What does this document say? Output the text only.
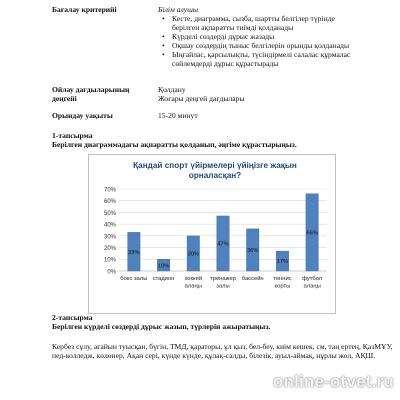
Бағалау критерийі	Білім алушы
• Кесте, диаграмма, сызба, шартты белгілер түрінде
берілген ақпаратты тиімді қолданады
• Күрделі сөздерді дұрыс жазады
• Оқшау сөздердің тыныс белгілерін орынды қолданады
• Ыңғайлас, қарсылықты, түсіндірмелі салалас құрмалас
сөйлемдерді дұрыс құрастырады
Ойлау дағдыларының
деңгейі
Қолдану
Жоғары деңгей дағдылары
Орындау уақыты	15-20 минут
1-тапсырма
Берілген диаграммадағы ақпаратты қолданып, әңгіме құрастырыңыз.
Қандай спорт үйірмелері үйіңізге жақын
орналасқан?
0%
10%
20%
30%
40%
50%
60%
70%
33%
бокс залы
10%
стадион
30%
хоккей
алаңы
47%
тренажер
залы
36%
бассейн
17%
теннис
корты
66%
футбол
алаңы
2-тапсырма
Берілген күрделі сөздерді дұрыс жазып, түрлерін ажыратыңыз.
Кербез сұлу, ағайын туысқан, бүгін, ТМД, қараторы, ұл қыз, бел-беу, киім кешек, см, таң ертең, ҚазМҰУ, пед-колледж, көлөнер, Ақан сері, күнде күнде, құлақ-салды, білезік, ауыл-аймақ, нұрлы жол, АҚШ.
online-otvet.ru
